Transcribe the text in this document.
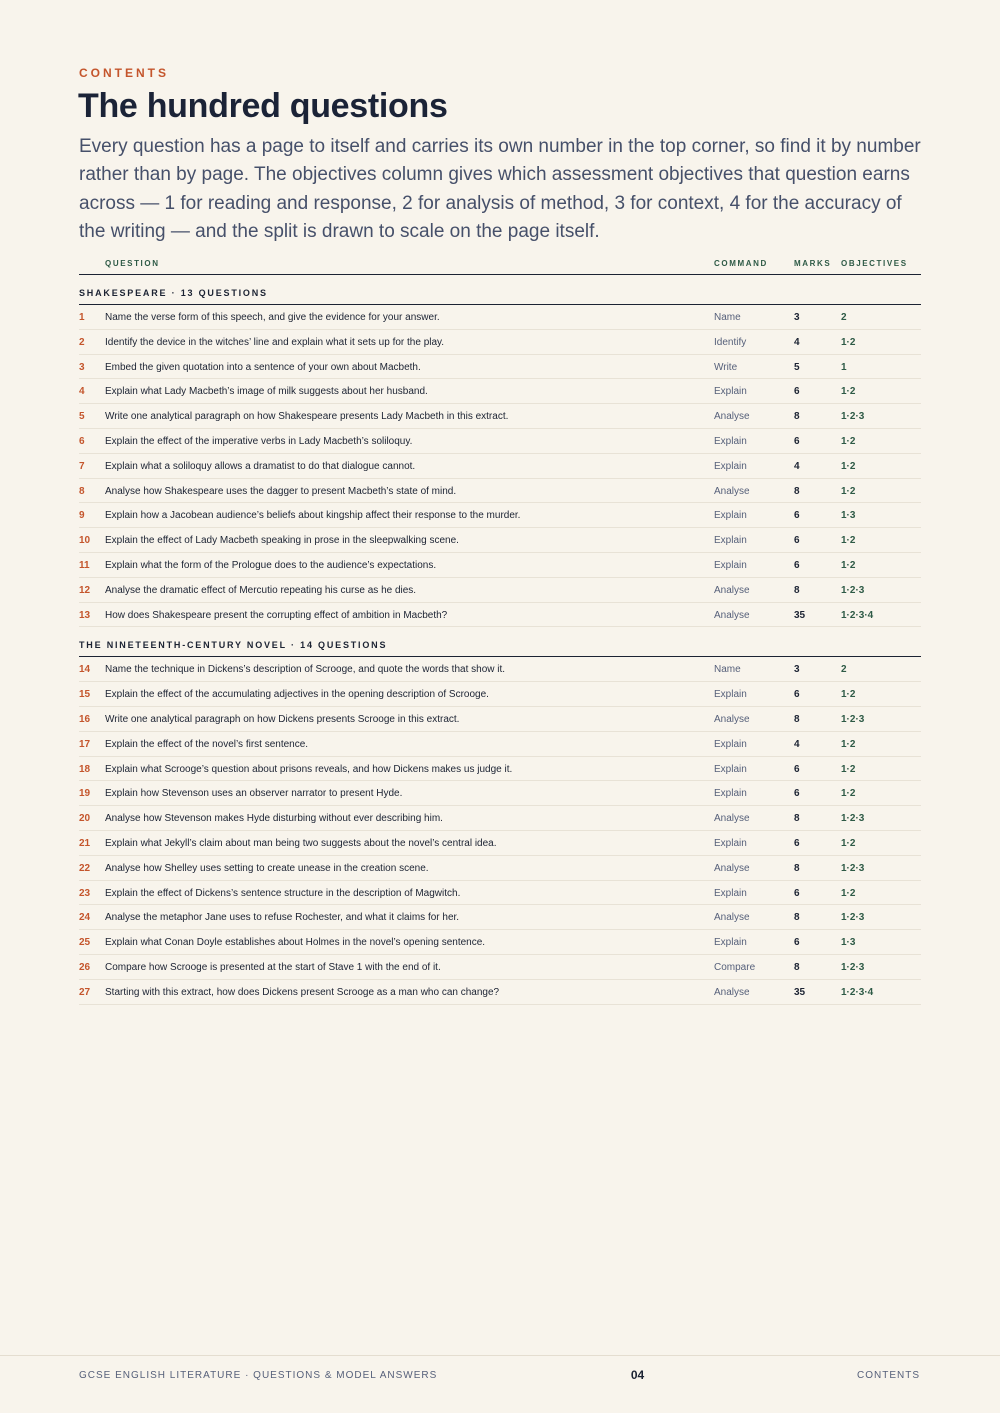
CONTENTS
The hundred questions

Every question has a page to itself and carries its own number in the top corner, so find it by number rather than by page. The objectives column gives which assessment objectives that question earns across — 1 for reading and response, 2 for analysis of method, 3 for context, 4 for the accuracy of the writing — and the split is drawn to scale on the page itself.

QUESTION	COMMAND	MARKS OBJECTIVES
SHAKESPEARE · 13 QUESTIONS
1 Name the verse form of this speech, and give the evidence for your answer.	Name	3	2
2 Identify the device in the witches’ line and explain what it sets up for the play.	Identify	4	1·2
3 Embed the given quotation into a sentence of your own about Macbeth.	Write	5	1
4 Explain what Lady Macbeth’s image of milk suggests about her husband.	Explain	6	1·2
5 Write one analytical paragraph on how Shakespeare presents Lady Macbeth in this extract.	Analyse	8	1·2·3
6 Explain the effect of the imperative verbs in Lady Macbeth’s soliloquy.	Explain	6	1·2
7 Explain what a soliloquy allows a dramatist to do that dialogue cannot.	Explain	4	1·2
8 Analyse how Shakespeare uses the dagger to present Macbeth’s state of mind.	Analyse	8	1·2
9 Explain how a Jacobean audience’s beliefs about kingship affect their response to the murder.	Explain	6	1·3
10 Explain the effect of Lady Macbeth speaking in prose in the sleepwalking scene.	Explain	6	1·2
11 Explain what the form of the Prologue does to the audience’s expectations.	Explain	6	1·2
12 Analyse the dramatic effect of Mercutio repeating his curse as he dies.	Analyse	8	1·2·3
13 How does Shakespeare present the corrupting effect of ambition in Macbeth?	Analyse	35	1·2·3·4
THE NINETEENTH-CENTURY NOVEL · 14 QUESTIONS
14 Name the technique in Dickens’s description of Scrooge, and quote the words that show it.	Name	3	2
15 Explain the effect of the accumulating adjectives in the opening description of Scrooge.	Explain	6	1·2
16 Write one analytical paragraph on how Dickens presents Scrooge in this extract.	Analyse	8	1·2·3
17 Explain the effect of the novel’s first sentence.	Explain	4	1·2
18 Explain what Scrooge’s question about prisons reveals, and how Dickens makes us judge it.	Explain	6	1·2
19 Explain how Stevenson uses an observer narrator to present Hyde.	Explain	6	1·2
20 Analyse how Stevenson makes Hyde disturbing without ever describing him.	Analyse	8	1·2·3
21 Explain what Jekyll’s claim about man being two suggests about the novel’s central idea.	Explain	6	1·2
22 Analyse how Shelley uses setting to create unease in the creation scene.	Analyse	8	1·2·3
23 Explain the effect of Dickens’s sentence structure in the description of Magwitch.	Explain	6	1·2
24 Analyse the metaphor Jane uses to refuse Rochester, and what it claims for her.	Analyse	8	1·2·3
25 Explain what Conan Doyle establishes about Holmes in the novel’s opening sentence.	Explain	6	1·3
26 Compare how Scrooge is presented at the start of Stave 1 with the end of it.	Compare	8	1·2·3
27 Starting with this extract, how does Dickens present Scrooge as a man who can change?	Analyse	35	1·2·3·4
GCSE ENGLISH LITERATURE · QUESTIONS & MODEL ANSWERS	04	CONTENTS
